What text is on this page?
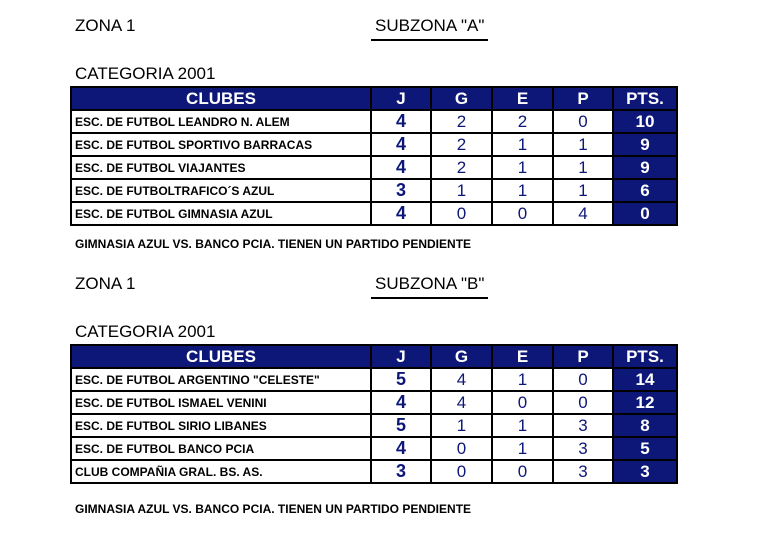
ZONA 1	SUBZONA "A"
CATEGORIA 2001
CLUBES	J	G	E	P	PTS.
ESC. DE FUTBOL LEANDRO N. ALEM	4	2	2	0	10
ESC. DE FUTBOL SPORTIVO BARRACAS	4	2	1	1	9
ESC. DE FUTBOL VIAJANTES	4	2	1	1	9
ESC. DE FUTBOLTRAFICO´S AZUL	3	1	1	1	6
ESC. DE FUTBOL GIMNASIA AZUL	4	0	0	4	0
GIMNASIA AZUL VS. BANCO PCIA. TIENEN UN PARTIDO PENDIENTE
ZONA 1	SUBZONA "B"
CATEGORIA 2001
CLUBES	J	G	E	P	PTS.
ESC. DE FUTBOL ARGENTINO "CELESTE"	5	4	1	0	14
ESC. DE FUTBOL ISMAEL VENINI	4	4	0	0	12
ESC. DE FUTBOL SIRIO LIBANES	5	1	1	3	8
ESC. DE FUTBOL BANCO PCIA	4	0	1	3	5
CLUB COMPAÑIA GRAL. BS. AS.	3	0	0	3	3
GIMNASIA AZUL VS. BANCO PCIA. TIENEN UN PARTIDO PENDIENTE
